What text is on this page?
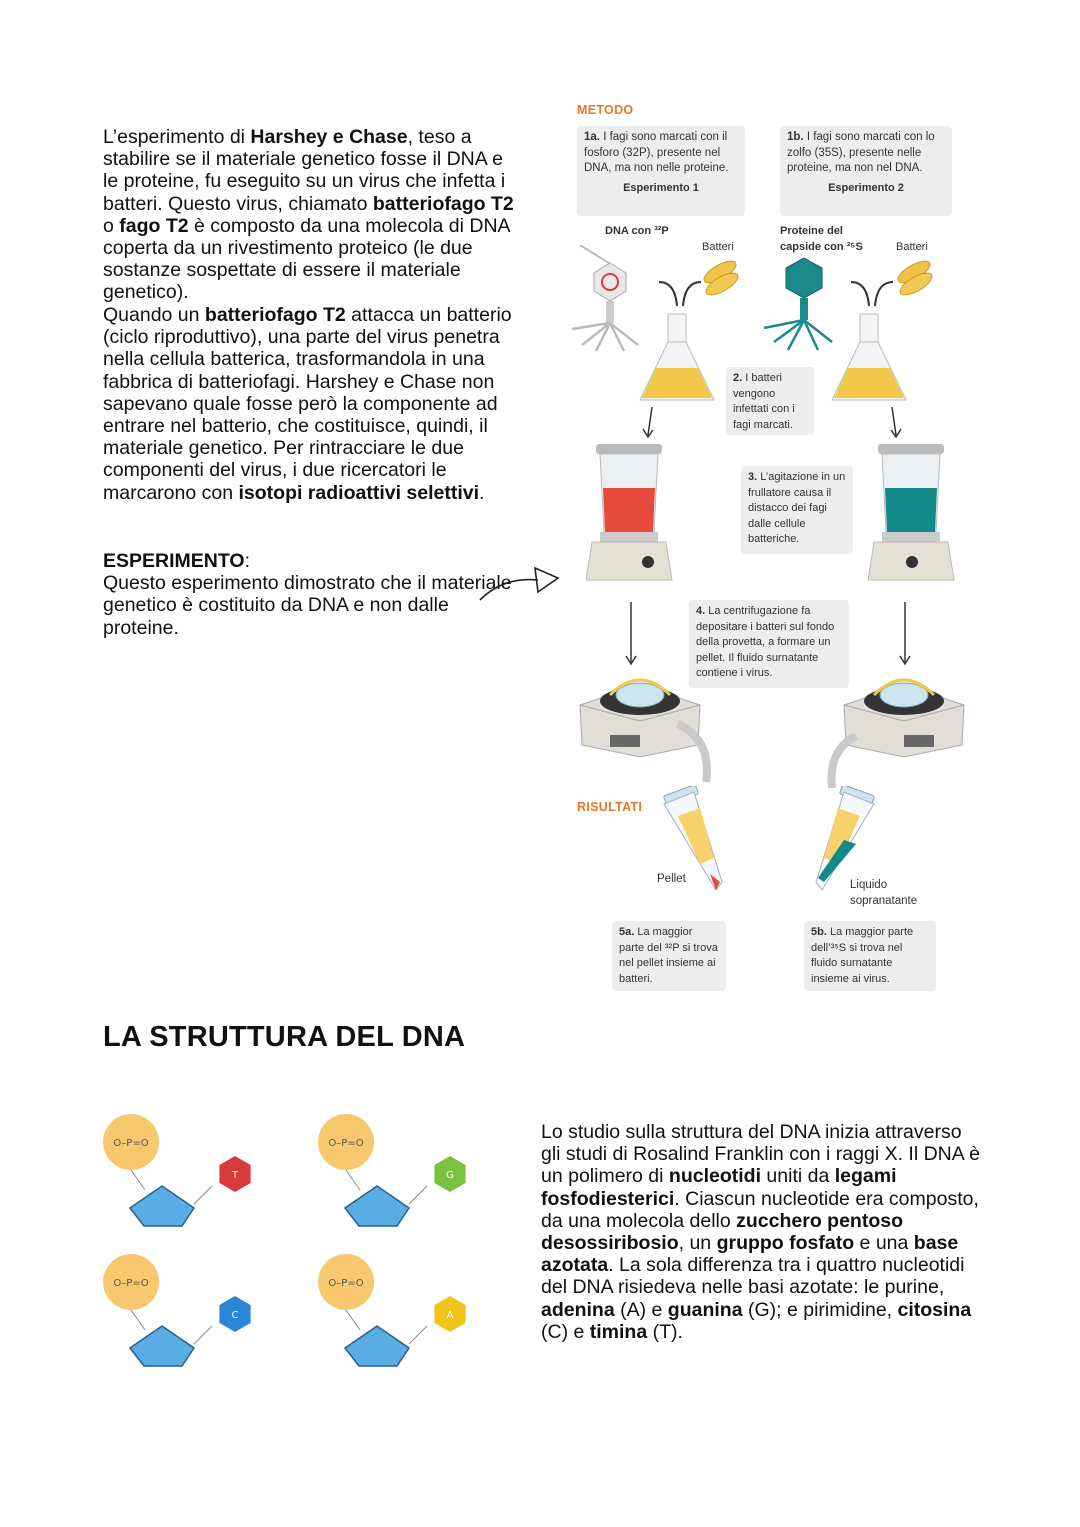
L’esperimento di Harshey e Chase, teso a stabilire se il materiale genetico fosse il DNA e le proteine, fu eseguito su un virus che infetta i batteri. Questo virus, chiamato batteriofago T2 o fago T2 è composto da una molecola di DNA coperta da un rivestimento proteico (le due sostanze sospettate di essere il materiale genetico).
Quando un batteriofago T2 attacca un batterio (ciclo riproduttivo), una parte del virus penetra nella cellula batterica, trasformandola in una fabbrica di batteriofagi. Harshey e Chase non sapevano quale fosse però la componente ad entrare nel batterio, che costituisce, quindi, il materiale genetico. Per rintracciare le due componenti del virus, i due ricercatori le marcarono con isotopi radioattivi selettivi.
ESPERIMENTO:
Questo esperimento dimostrato che il materiale genetico è costituito da DNA e non dalle proteine.
METODO
1a. I fagi sono marcati con il fosforo (32P), presente nel DNA, ma non nelle proteine.
Esperimento 1
1b. I fagi sono marcati con lo zolfo (35S), presente nelle proteine, ma non nel DNA.
Esperimento 2
DNA con ³²P
Batteri
Proteine del capside con ³⁵S	Batteri
2. I batteri vengono infettati con i fagi marcati.
3. L’agitazione in un frullatore causa il distacco dei fagi dalle cellule batteriche.
4. La centrifugazione fa depositare i batteri sul fondo della provetta, a formare un pellet. Il fluido surnatante contiene i virus.
RISULTATI
Pellet	Liquido sopranatante
5a. La maggior parte del ³²P si trova nel pellet insieme ai batteri.
5b. La maggior parte dell’³⁵S si trova nel fluido surnatante insieme ai virus.
LA STRUTTURA DEL DNA
Lo studio sulla struttura del DNA inizia attraverso gli studi di Rosalind Franklin con i raggi X. Il DNA è un polimero di nucleotidi uniti da legami fosfodiesterici. Ciascun nucleotide era composto, da una molecola dello zucchero pentoso desossiribosio, un gruppo fosfato e una base azotata. La sola differenza tra i quattro nucleotidi del DNA risiedeva nelle basi azotate: le purine, adenina (A) e guanina (G); e pirimidine, citosina (C) e timina (T).
O–P=O
T
O–P=O
G
O–P=O
C
O–P=O
A
